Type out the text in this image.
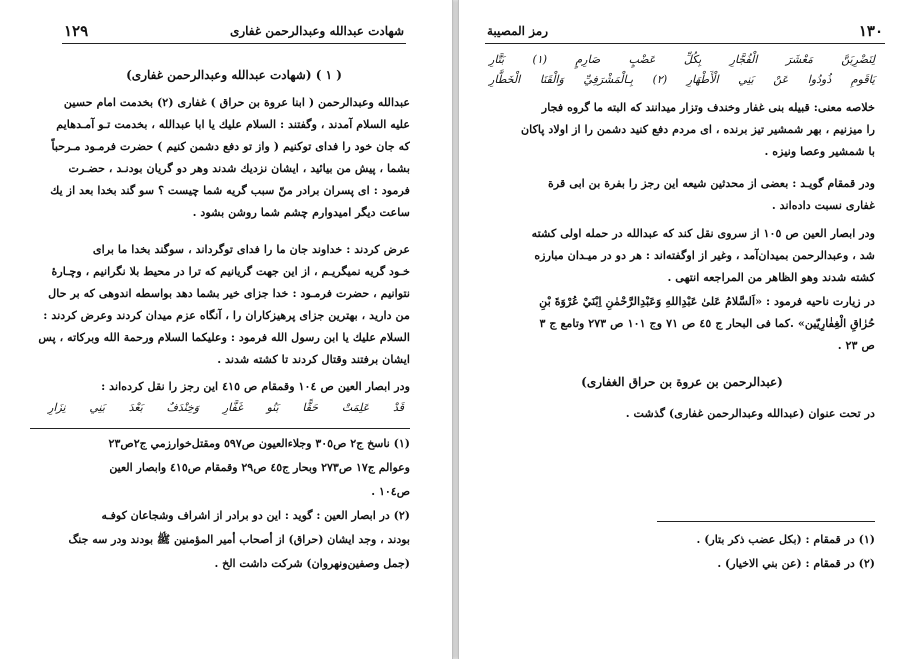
١٢٩	شهادت عبدالله وعبدالرحمن غفارى
(شهادت عبدالله وعبدالرحمن غفارى) ( ۱ )
عبدالله وعبدالرحمن ( ابنا عروة بن حراق ) غفارى (٢) بخدمت امام حسين
عليه السلام آمدند ، وگفتند : السلام عليك يا ابا عبدالله ، بخدمت تـو آمـدهايم
كه جان خود را فداى توكنيم ( واز تو دفع دشمن كنيم ) حضرت فرمـود مـرحباً
بشما ، پيش من بيائيد ، ايشان نزديك شدند وهر دو گريان بودنـد ، حضـرت
فرمود : اى پسران برادر منّ سبب گريه شما چيست ؟ سو گند بخدا بعد از يك
ساعت ديگر اميدوارم چشم شما روشن بشود .
عرض كردند : خداوند جان ما را فداى توگرداند ، سوگند بخدا ما براى
خـود گريه نميگريـم ، از اين جهت گريانيم كه ترا در محيط بلا نگرانيم ، وچـارهٔ
نتوانيم ، حضرت فرمـود : خدا جزاى خير بشما دهد بواسطه اندوهى كه بر حال
من داريد ، بهترين جزاى پرهيزكاران را ، آنگاه عزم ميدان كردند وعرض كردند :
السلام عليك يا ابن رسول الله فرمود : وعليكما السلام ورحمة الله وبركاته ، پس
ايشان برفتند وقتال كردند تا كشته شدند .
ودر ابصار العين ص ١٠٤ وقمقام ص ٤١٥ اين رجز را نقل كرده‌اند :
قَدْ
عَلِمَتْ
حَقًّا
بَنُو
غَفَّارِ
وَخِنْدَفٌ
بَعْدَ
بَنِي
نِزَارِ
(١) ناسخ ج٢ ص٣٠٥ وجلاءالعيون ص٥٩٧ ومقتل‌خوارزمي ج٢ص٢٣
وعوالم ج١٧ ص٢٧٣ وبحار ج٤٥ ص٢٩ وقمقام ص٤١٥ وابصار العين
ص١٠٤ .
(٢) در ابصار العين : گويد : اين دو برادر از اشراف وشجاعان كوفـه
بودند ، وجد ايشان (حراق) از أصحاب أمير المؤمنين ﷺ بودند ودر سه جنگ
(جمل وصفين‌ونهروان) شركت داشت الخ .
رمز المصيبة	١٣٠
لِنَضْرِبَنَّ
مَعْشَرَ
الْفُجَّارِ
بِكُلِّ
عَضْبٍ
صَارِمٍ
(١)
بَتَّارِ
يَاقَومِ
ذُودُوا
عَنْ
بَنِي
الْأَطْهَارِ
(٢)
بِـالْمَشْرَفِيِّ
وَالْقَنَا
الْخَطَّارِ
خلاصه معنى: قبيله بنى غفار وخندف وتزار ميدانند كه البته ما گروه فجار
را ميزنيم ، بهر شمشير تيز برنده ، اى مردم دفع كنيد دشمن را از اولاد پاكان
با شمشير وعصا ونيزه .
ودر قمقام گويـد : بعضى از محدثين شيعه اين رجز را بفرة بن ابى قرة
غفارى نسبت داده‌اند .
ودر ابصار العين ص ١٠٥ از سروى نقل كند كه عبدالله در حمله اولى كشته
شد ، وعبدالرحمن بميدان‌آمد ، وغير از اوگفته‌اند : هر دو در ميـدان مبارزه
كشته شدند وهو الظاهر من المراجعه انتهى .
در زيارت ناحيه فرمود : «اَلسَّلامُ عَلىٰ عَبْدِاللهِ وَعَبْدِالرَّحْمٰنِ اِبْنَيْ عُرْوَةَ بْنِ
حُرٰاقِ الْغِفٰارِيّين» .كما فى البحار ج ٤٥ ص ٧١ وج ١٠١ ص ٢٧٣ وتامع ج ٣
ص ٢٣ .
(عبدالرحمن بن عروة بن حراق الغفارى)
در تحت عنوان (عبدالله وعبدالرحمن غفارى) گذشت .
(١) در قمقام : (بكل عضب ذكر بتار) .
(٢) در قمقام : (عن بني الاخيار) .
